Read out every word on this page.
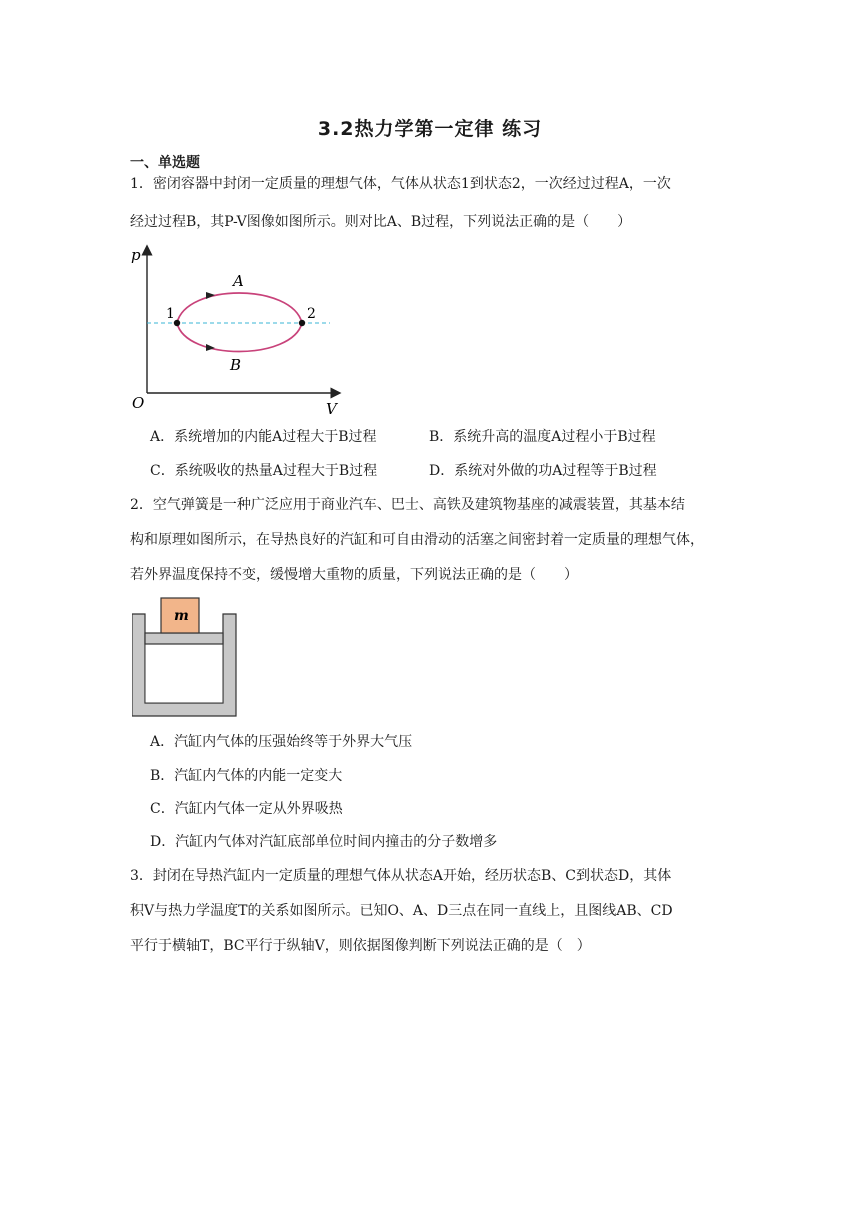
3.2热力学第一定律 练习
一、单选题
1．密闭容器中封闭一定质量的理想气体，气体从状态1到状态2，一次经过过程A，一次
经过过程B，其P-V图像如图所示。则对比A、B过程，下列说法正确的是（　　）
p
V
O
1	2
A
B
A．系统增加的内能A过程大于B过程	B．系统升高的温度A过程小于B过程
C．系统吸收的热量A过程大于B过程	D．系统对外做的功A过程等于B过程
2．空气弹簧是一种广泛应用于商业汽车、巴士、高铁及建筑物基座的减震装置，其基本结
构和原理如图所示，在导热良好的汽缸和可自由滑动的活塞之间密封着一定质量的理想气体，
若外界温度保持不变，缓慢增大重物的质量，下列说法正确的是（　　）
m
A．汽缸内气体的压强始终等于外界大气压
B．汽缸内气体的内能一定变大
C．汽缸内气体一定从外界吸热
D．汽缸内气体对汽缸底部单位时间内撞击的分子数增多
3．封闭在导热汽缸内一定质量的理想气体从状态A开始，经历状态B、C到状态D，其体
积V与热力学温度T的关系如图所示。已知O、A、D三点在同一直线上，且图线AB、CD
平行于横轴T，BC平行于纵轴V，则依据图像判断下列说法正确的是（　）
